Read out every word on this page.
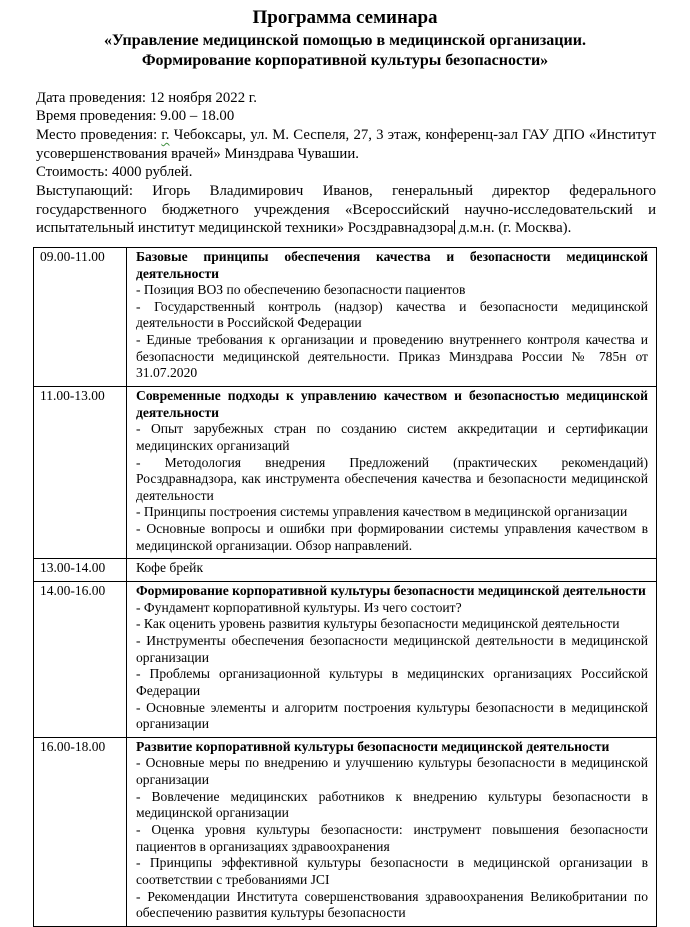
Программа семинара
«Управление медицинской помощью в медицинской организации.
Формирование корпоративной культуры безопасности»

Дата проведения: 12 ноября 2022 г.

Время проведения: 9.00 – 18.00

Место проведения: г. Чебоксары, ул. М. Сеспеля, 27, 3 этаж, конференц-зал ГАУ ДПО «Институт усовершенствования врачей» Минздрава Чувашии.

Стоимость: 4000 рублей.

Выступающий: Игорь Владимирович Иванов, генеральный директор федерального государственного бюджетного учреждения «Всероссийский научно-исследовательский и испытательный институт медицинской техники» Росздравнадзора д.м.н. (г. Москва).

09.00-11.00	Базовые принципы обеспечения качества и безопасности медицинской деятельности

- Позиция ВОЗ по обеспечению безопасности пациентов

- Государственный контроль (надзор) качества и безопасности медицинской деятельности в Российской Федерации

- Единые требования к организации и проведению внутреннего контроля качества и безопасности медицинской деятельности. Приказ Минздрава России № 785н от 31.07.2020

11.00-13.00	Современные подходы к управлению качеством и безопасностью медицинской деятельности

- Опыт зарубежных стран по созданию систем аккредитации и сертификации медицинских организаций

- Методология внедрения Предложений (практических рекомендаций) Росздравнадзора, как инструмента обеспечения качества и безопасности медицинской деятельности

- Принципы построения системы управления качеством в медицинской организации

- Основные вопросы и ошибки при формировании системы управления качеством в медицинской организации. Обзор направлений.

13.00-14.00	Кофе брейк

14.00-16.00	Формирование корпоративной культуры безопасности медицинской деятельности

- Фундамент корпоративной культуры. Из чего состоит?

- Как оценить уровень развития культуры безопасности медицинской деятельности

- Инструменты обеспечения безопасности медицинской деятельности в медицинской организации

- Проблемы организационной культуры в медицинских организациях Российской Федерации

- Основные элементы и алгоритм построения культуры безопасности в медицинской организации

16.00-18.00	Развитие корпоративной культуры безопасности медицинской деятельности

- Основные меры по внедрению и улучшению культуры безопасности в медицинской организации

- Вовлечение медицинских работников к внедрению культуры безопасности в медицинской организации

- Оценка уровня культуры безопасности: инструмент повышения безопасности пациентов в организациях здравоохранения

- Принципы эффективной культуры безопасности в медицинской организации в соответствии с требованиями JCI

- Рекомендации Института совершенствования здравоохранения Великобритании по обеспечению развития культуры безопасности
